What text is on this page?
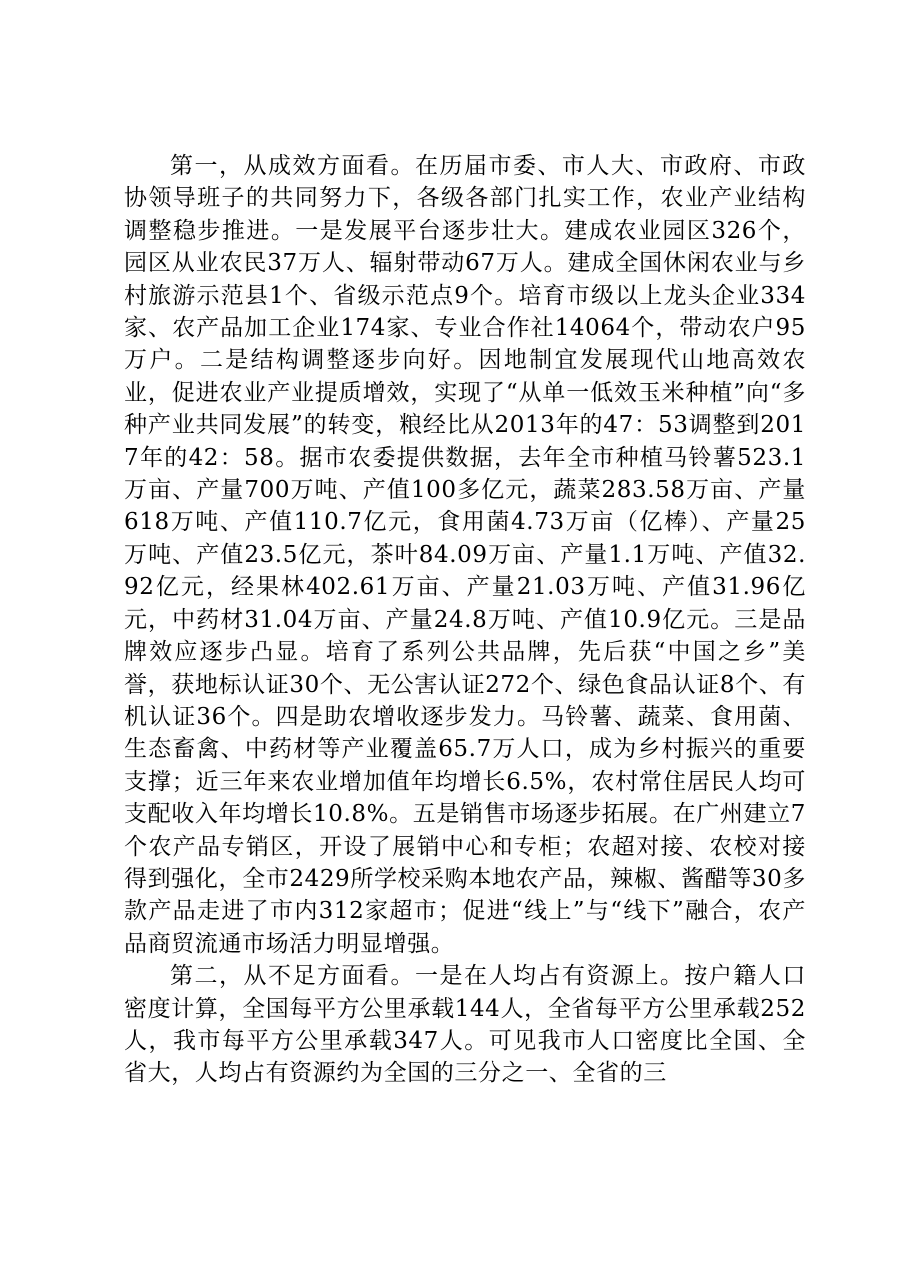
第一，从成效方面看。在历届市委、市人大、市政府、市政协领导班子的共同努力下，各级各部门扎实工作，农业产业结构调整稳步推进。一是发展平台逐步壮大。建成农业园区326个，园区从业农民37万人、辐射带动67万人。建成全国休闲农业与乡村旅游示范县1个、省级示范点9个。培育市级以上龙头企业334家、农产品加工企业174家、专业合作社14064个，带动农户95万户。二是结构调整逐步向好。因地制宜发展现代山地高效农业，促进农业产业提质增效，实现了“从单一低效玉米种植”向“多种产业共同发展”的转变，粮经比从2013年的47：53调整到2017年的42：58。据市农委提供数据，去年全市种植马铃薯523.1万亩、产量700万吨、产值100多亿元，蔬菜283.58万亩、产量618万吨、产值110.7亿元，食用菌4.73万亩（亿棒）、产量25万吨、产值23.5亿元，茶叶84.09万亩、产量1.1万吨、产值32.92亿元，经果林402.61万亩、产量21.03万吨、产值31.96亿元，中药材31.04万亩、产量24.8万吨、产值10.9亿元。三是品牌效应逐步凸显。培育了系列公共品牌，先后获“中国之乡”美誉，获地标认证30个、无公害认证272个、绿色食品认证8个、有机认证36个。四是助农增收逐步发力。马铃薯、蔬菜、食用菌、生态畜禽、中药材等产业覆盖65.7万人口，成为乡村振兴的重要支撑；近三年来农业增加值年均增长6.5%，农村常住居民人均可支配收入年均增长10.8%。五是销售市场逐步拓展。在广州建立7个农产品专销区，开设了展销中心和专柜；农超对接、农校对接得到强化，全市2429所学校采购本地农产品，辣椒、酱醋等30多款产品走进了市内312家超市；促进“线上”与“线下”融合，农产品商贸流通市场活力明显增强。

第二，从不足方面看。一是在人均占有资源上。按户籍人口密度计算，全国每平方公里承载144人，全省每平方公里承载252人，我市每平方公里承载347人。可见我市人口密度比全国、全省大，人均占有资源约为全国的三分之一、全省的三
